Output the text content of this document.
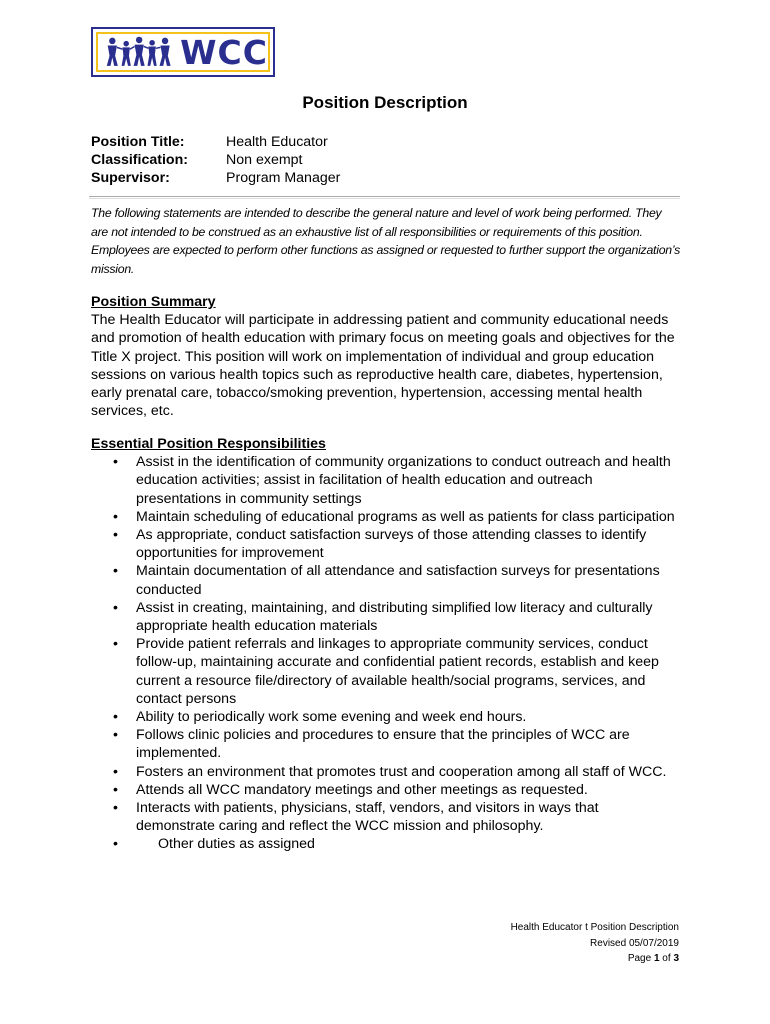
WCC
Position Description
Position Title:	Health Educator
Classification:	Non exempt
Supervisor:	Program Manager
The following statements are intended to describe the general nature and level of work being performed. They are not intended to be construed as an exhaustive list of all responsibilities or requirements of this position. Employees are expected to perform other functions as assigned or requested to further support the organization’s mission.
Position Summary
The Health Educator will participate in addressing patient and community educational needs and promotion of health education with primary focus on meeting goals and objectives for the Title X project. This position will work on implementation of individual and group education sessions on various health topics such as reproductive health care, diabetes, hypertension, early prenatal care, tobacco/smoking prevention, hypertension, accessing mental health services, etc.
Essential Position Responsibilities
• Assist in the identification of community organizations to conduct outreach and health education activities; assist in facilitation of health education and outreach presentations in community settings
• Maintain scheduling of educational programs as well as patients for class participation
• As appropriate, conduct satisfaction surveys of those attending classes to identify opportunities for improvement
• Maintain documentation of all attendance and satisfaction surveys for presentations conducted
• Assist in creating, maintaining, and distributing simplified low literacy and culturally appropriate health education materials
• Provide patient referrals and linkages to appropriate community services, conduct follow-up, maintaining accurate and confidential patient records, establish and keep current a resource file/directory of available health/social programs, services, and contact persons
• Ability to periodically work some evening and week end hours.
• Follows clinic policies and procedures to ensure that the principles of WCC are implemented.
• Fosters an environment that promotes trust and cooperation among all staff of WCC.
• Attends all WCC mandatory meetings and other meetings as requested.
• Interacts with patients, physicians, staff, vendors, and visitors in ways that demonstrate caring and reflect the WCC mission and philosophy.
•	Other duties as assigned
Health Educator t Position Description
Revised 05/07/2019
Page 1 of 3
